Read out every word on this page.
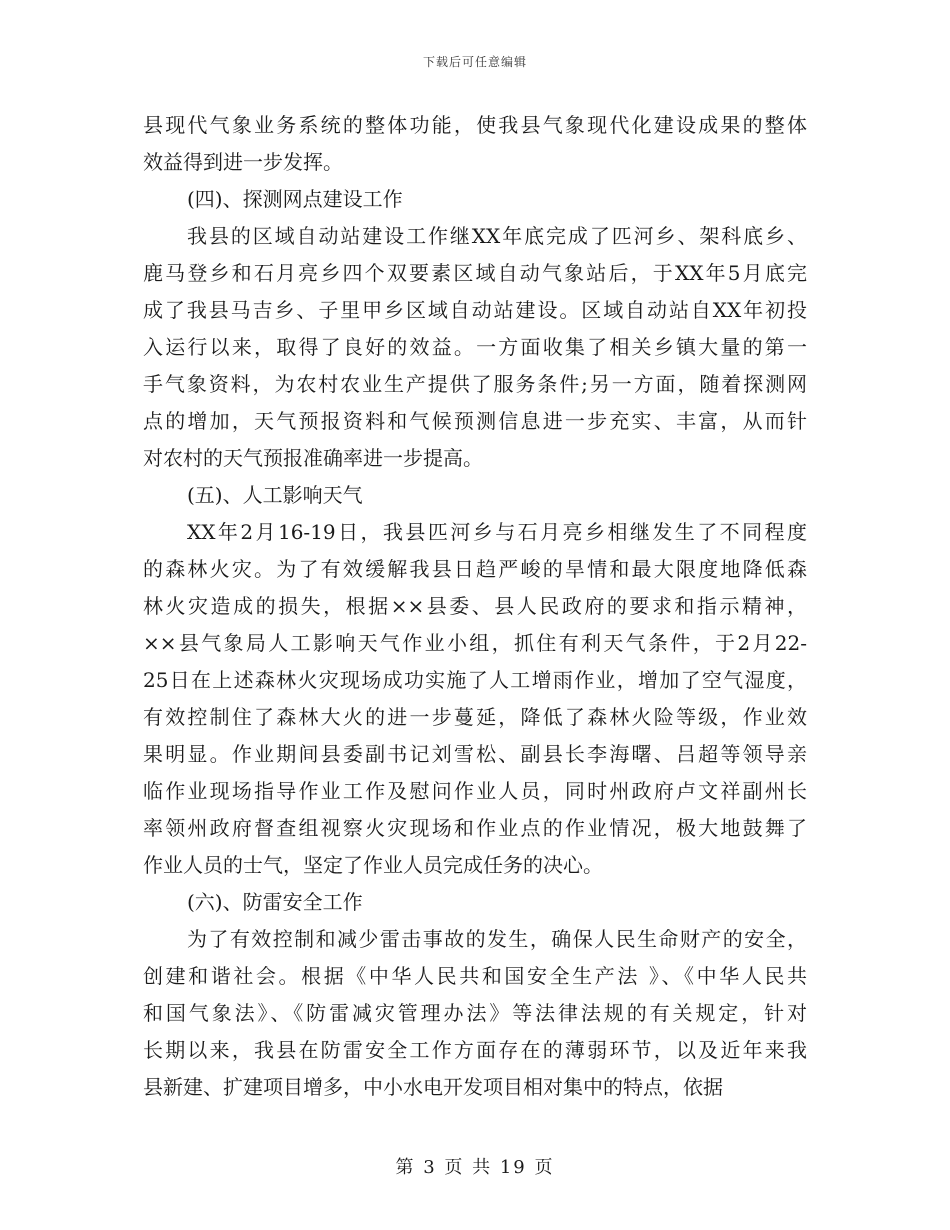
下载后可任意编辑
县现代气象业务系统的整体功能，使我县气象现代化建设成果的整体
效益得到进一步发挥。
(四)、探测网点建设工作
我县的区域自动站建设工作继XX年底完成了匹河乡、架科底乡、
鹿马登乡和石月亮乡四个双要素区域自动气象站后，于XX年5月底完
成了我县马吉乡、子里甲乡区域自动站建设。区域自动站自XX年初投
入运行以来，取得了良好的效益。一方面收集了相关乡镇大量的第一
手气象资料，为农村农业生产提供了服务条件;另一方面，随着探测网
点的增加，天气预报资料和气候预测信息进一步充实、丰富，从而针
对农村的天气预报准确率进一步提高。
(五)、人工影响天气
XX年2月16-19日，我县匹河乡与石月亮乡相继发生了不同程度
的森林火灾。为了有效缓解我县日趋严峻的旱情和最大限度地降低森
林火灾造成的损失，根据××县委、县人民政府的要求和指示精神，
××县气象局人工影响天气作业小组，抓住有利天气条件，于2月22-
25日在上述森林火灾现场成功实施了人工增雨作业，增加了空气湿度，
有效控制住了森林大火的进一步蔓延，降低了森林火险等级，作业效
果明显。作业期间县委副书记刘雪松、副县长李海曙、吕超等领导亲
临作业现场指导作业工作及慰问作业人员，同时州政府卢文祥副州长
率领州政府督查组视察火灾现场和作业点的作业情况，极大地鼓舞了
作业人员的士气，坚定了作业人员完成任务的决心。
(六)、防雷安全工作
为了有效控制和减少雷击事故的发生，确保人民生命财产的安全，
创建和谐社会。根据《中华人民共和国安全生产法 》、《中华人民共
和国气象法》、《防雷减灾管理办法》等法律法规的有关规定，针对
长期以来，我县在防雷安全工作方面存在的薄弱环节，以及近年来我
县新建、扩建项目增多，中小水电开发项目相对集中的特点，依据
第 3 页 共 19 页
